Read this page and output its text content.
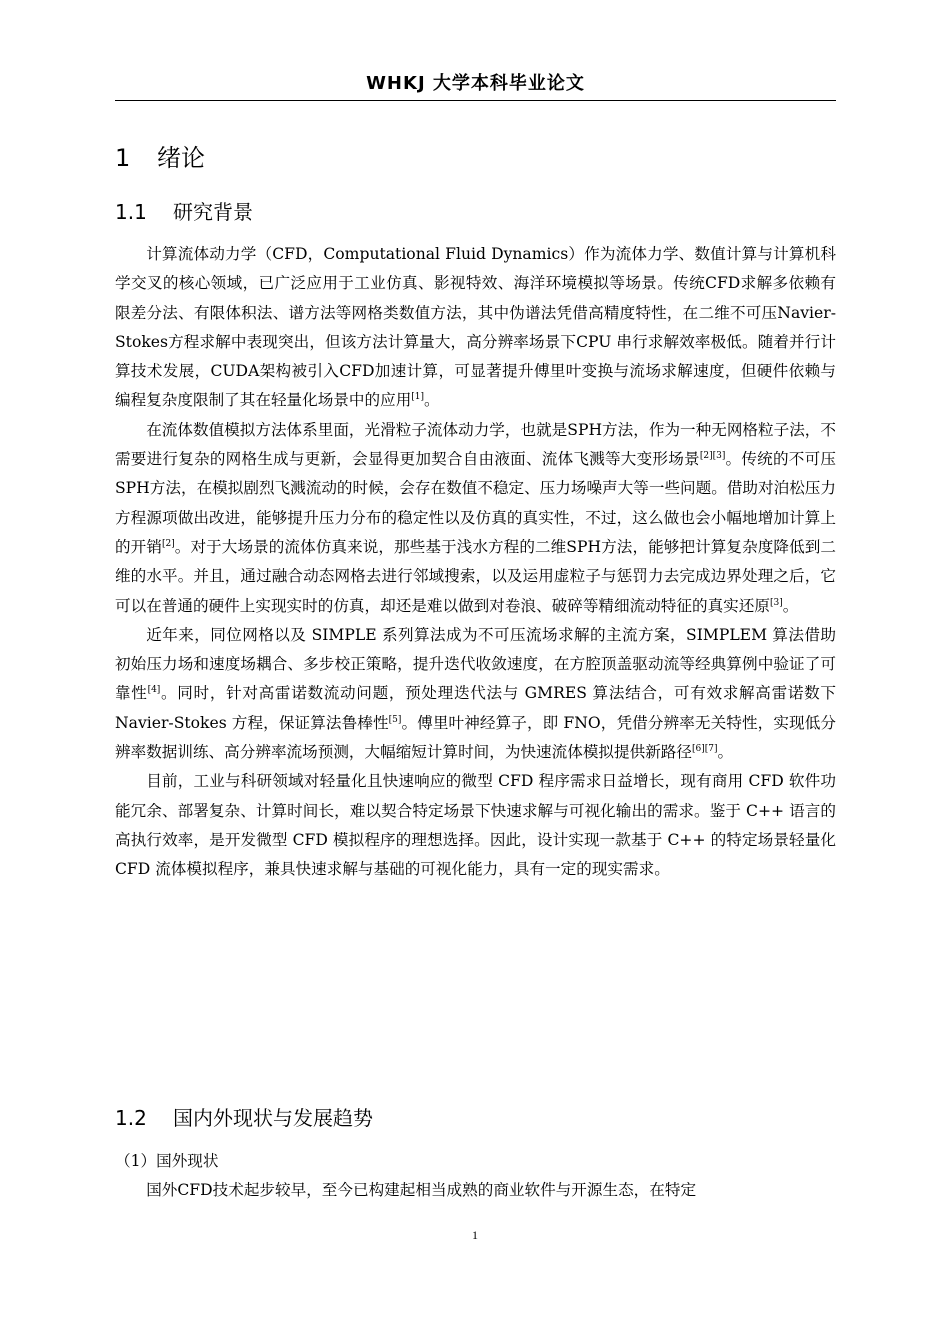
WHKJ 大学本科毕业论文
1 绪论
1.1 研究背景

计算流体动力学（CFD，Computational Fluid Dynamics）作为流体力学、数值计算与计算机科学交叉的核心领域，已广泛应用于工业仿真、影视特效、海洋环境模拟等场景。传统CFD求解多依赖有限差分法、有限体积法、谱方法等网格类数值方法，其中伪谱法凭借高精度特性，在二维不可压Navier-Stokes方程求解中表现突出，但该方法计算量大，高分辨率场景下CPU 串行求解效率极低。随着并行计算技术发展，CUDA架构被引入CFD加速计算，可显著提升傅里叶变换与流场求解速度，但硬件依赖与编程复杂度限制了其在轻量化场景中的应用[1]。

在流体数值模拟方法体系里面，光滑粒子流体动力学，也就是SPH方法，作为一种无网格粒子法，不需要进行复杂的网格生成与更新，会显得更加契合自由液面、流体飞溅等大变形场景[2][3]。传统的不可压SPH方法，在模拟剧烈飞溅流动的时候，会存在数值不稳定、压力场噪声大等一些问题。借助对泊松压力方程源项做出改进，能够提升压力分布的稳定性以及仿真的真实性，不过，这么做也会小幅地增加计算上的开销[2]。对于大场景的流体仿真来说，那些基于浅水方程的二维SPH方法，能够把计算复杂度降低到二维的水平。并且，通过融合动态网格去进行邻域搜索，以及运用虚粒子与惩罚力去完成边界处理之后，它可以在普通的硬件上实现实时的仿真，却还是难以做到对卷浪、破碎等精细流动特征的真实还原[3]。

近年来，同位网格以及 SIMPLE 系列算法成为不可压流场求解的主流方案，SIMPLEM 算法借助初始压力场和速度场耦合、多步校正策略，提升迭代收敛速度，在方腔顶盖驱动流等经典算例中验证了可靠性[4]。同时，针对高雷诺数流动问题，预处理迭代法与 GMRES 算法结合，可有效求解高雷诺数下 Navier-Stokes 方程，保证算法鲁棒性[5]。傅里叶神经算子，即 FNO，凭借分辨率无关特性，实现低分辨率数据训练、高分辨率流场预测，大幅缩短计算时间，为快速流体模拟提供新路径[6][7]。

目前，工业与科研领域对轻量化且快速响应的微型 CFD 程序需求日益增长，现有商用 CFD 软件功能冗余、部署复杂、计算时间长，难以契合特定场景下快速求解与可视化输出的需求。鉴于 C++ 语言的高执行效率，是开发微型 CFD 模拟程序的理想选择。因此，设计实现一款基于 C++ 的特定场景轻量化 CFD 流体模拟程序，兼具快速求解与基础的可视化能力，具有一定的现实需求。

1.2 国内外现状与发展趋势

（1）国外现状

国外CFD技术起步较早，至今已构建起相当成熟的商业软件与开源生态，在特定

1
